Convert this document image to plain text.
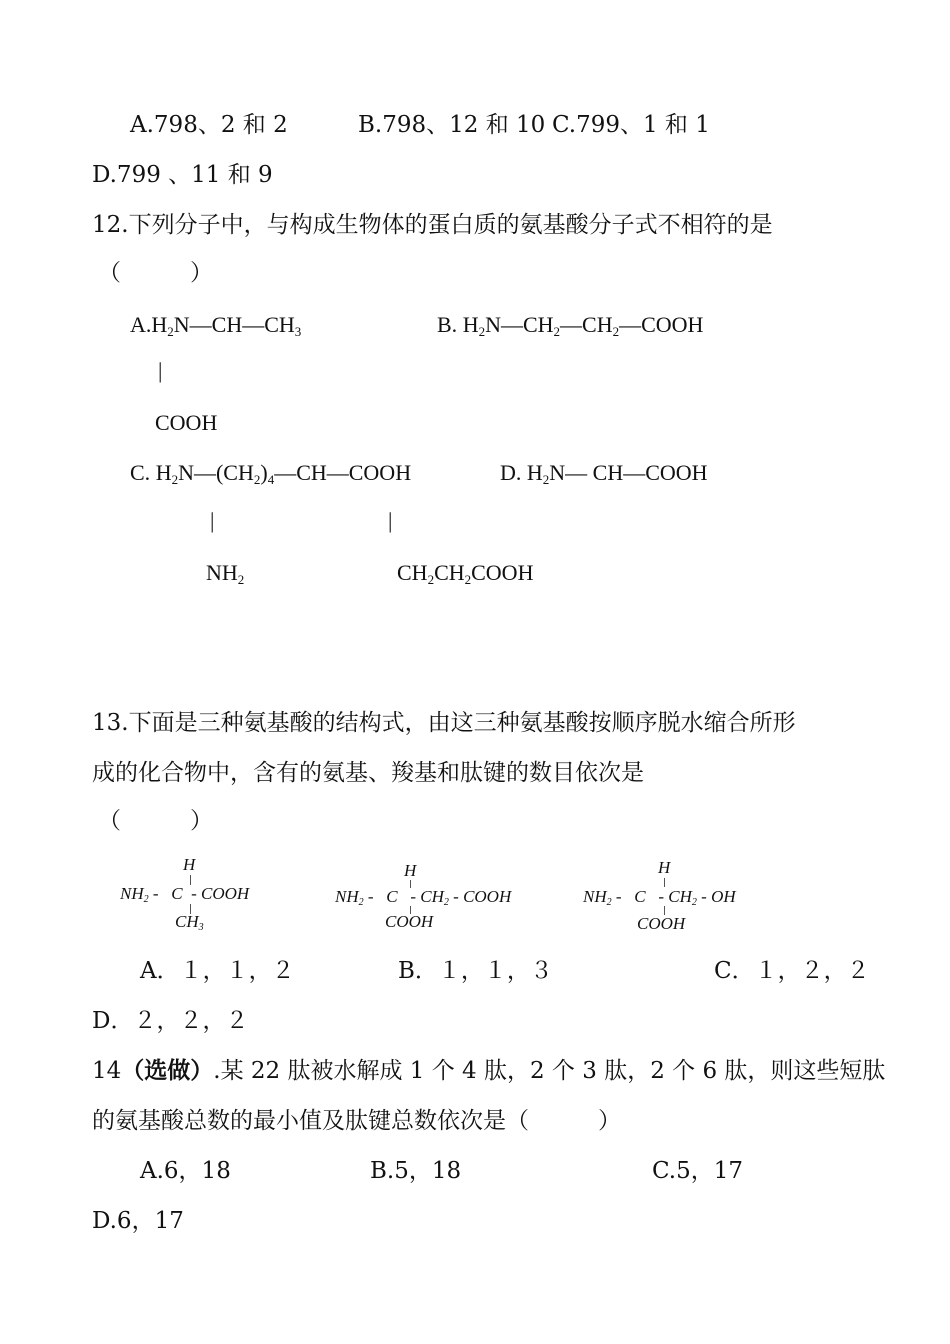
A.798、2 和 2	B.798、12 和 10 C.799、1 和 1
D.799 、11 和 9
12.下列分子中，与构成生物体的蛋白质的氨基酸分子式不相符的是
（　　　）
$A.H_2N—CH—CH_3$
|
COOH
B. $H_2N—CH_2—CH_2—COOH$
C. $H_2N—(CH_2)_4—CH—COOH$
|
$NH_2$
D. $H_2N—$ CH—COOH
|
$CH_2CH_2COOH$
13.下面是三种氨基酸的结构式，由这三种氨基酸按顺序脱水缩合所形
成的化合物中，含有的氨基、羧基和肽键的数目依次是
（　　　）
H
$NH_2$ -   C  - COOH
$CH_3$
H
$NH_2$ -   C   - $CH_2$ - COOH
COOH
H
$NH_2$ -   C   - $CH_2$ - OH
COOH
A．１，１，２	B．１，１，３	C．１，２，２
D．２，２，２
14（选做）.某 22 肽被水解成 1 个 4 肽，2 个 3 肽，2 个 6 肽，则这些短肽
的氨基酸总数的最小值及肽键总数依次是（　　　）
A.6，18	B.5，18	C.5，17
D.6，17
